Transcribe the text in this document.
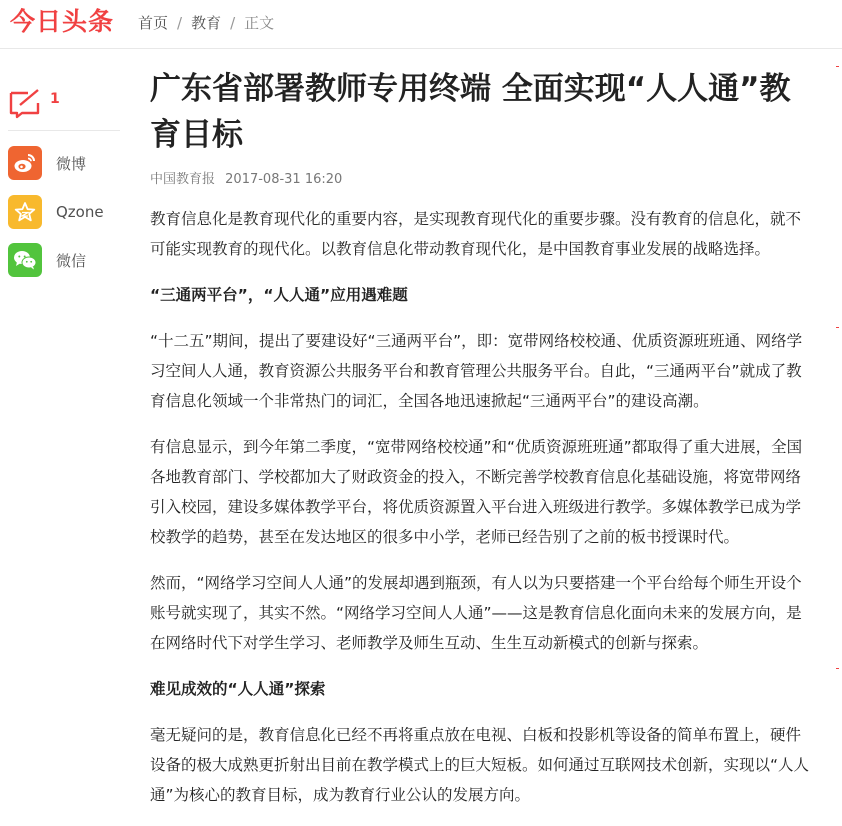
今日头条 首页 / 教育 / 正文
1
微博
Qzone
微信
广东省部署教师专用终端 全面实现“人人通”教育目标
中国教育报 2017-08-31 16:20

教育信息化是教育现代化的重要内容，是实现教育现代化的重要步骤。没有教育的信息化，就不可能实现教育的现代化。以教育信息化带动教育现代化，是中国教育事业发展的战略选择。

“三通两平台”，“人人通”应用遇难题

“十二五”期间，提出了要建设好“三通两平台”，即：宽带网络校校通、优质资源班班通、网络学习空间人人通，教育资源公共服务平台和教育管理公共服务平台。自此，“三通两平台”就成了教育信息化领域一个非常热门的词汇，全国各地迅速掀起“三通两平台”的建设高潮。

有信息显示，到今年第二季度，“宽带网络校校通”和“优质资源班班通”都取得了重大进展，全国各地教育部门、学校都加大了财政资金的投入，不断完善学校教育信息化基础设施，将宽带网络引入校园，建设多媒体教学平台，将优质资源置入平台进入班级进行教学。多媒体教学已成为学校教学的趋势，甚至在发达地区的很多中小学，老师已经告别了之前的板书授课时代。

然而，“网络学习空间人人通”的发展却遇到瓶颈，有人以为只要搭建一个平台给每个师生开设个账号就实现了，其实不然。“网络学习空间人人通”——这是教育信息化面向未来的发展方向，是在网络时代下对学生学习、老师教学及师生互动、生生互动新模式的创新与探索。

难见成效的“人人通”探索

毫无疑问的是，教育信息化已经不再将重点放在电视、白板和投影机等设备的简单布置上，硬件设备的极大成熟更折射出目前在教学模式上的巨大短板。如何通过互联网技术创新，实现以“人人通”为核心的教育目标，成为教育行业公认的发展方向。
